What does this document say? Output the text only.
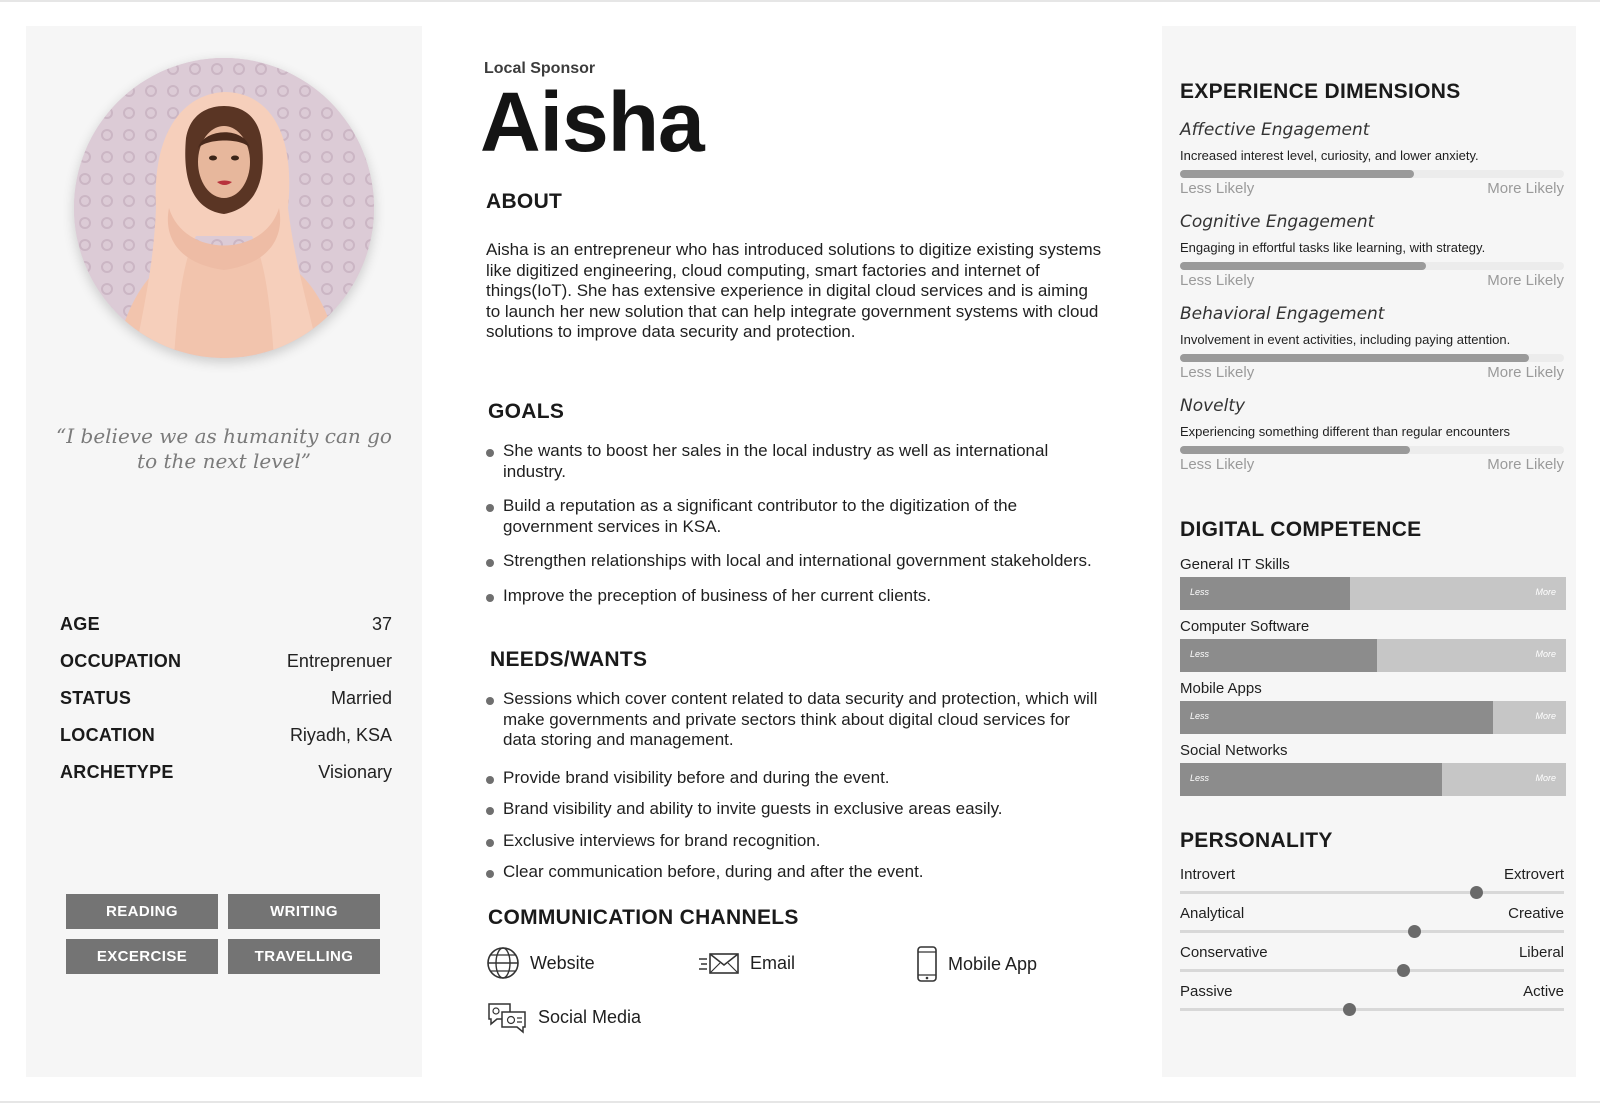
“I believe we as humanity can go to the next level”
AGE	37
OCCUPATION	Entreprenuer
STATUS	Married
LOCATION	Riyadh, KSA
ARCHETYPE	Visionary
READING	WRITING
EXCERCISE	TRAVELLING
Local Sponsor
Aisha
ABOUT

Aisha is an entrepreneur who has introduced solutions to digitize existing systems like digitized engineering, cloud computing, smart factories and internet of things(IoT). She has extensive experience in digital cloud services and is aiming to launch her new solution that can help integrate government systems with cloud solutions to improve data security and protection.

GOALS
She wants to boost her sales in the local industry as well as international industry.
Build a reputation as a significant contributor to the digitization of the government services in KSA.
Strengthen relationships with local and international government stakeholders.
Improve the preception of business of her current clients.
NEEDS/WANTS
Sessions which cover content related to data security and protection, which will make governments and private sectors think about digital cloud services for data storing and management.
Provide brand visibility before and during the event.
Brand visibility and ability to invite guests in exclusive areas easily.
Exclusive interviews for brand recognition.
Clear communication before, during and after the event.
COMMUNICATION CHANNELS
Website	Email	Mobile App
Social Media
EXPERIENCE DIMENSIONS
Affective Engagement
Increased interest level, curiosity, and lower anxiety.
Less Likely	More Likely
Cognitive Engagement
Engaging in effortful tasks like learning, with strategy.
Less Likely	More Likely
Behavioral Engagement
Involvement in event activities, including paying attention.
Less Likely	More Likely
Novelty
Experiencing something different than regular encounters
Less Likely	More Likely
DIGITAL COMPETENCE
General IT Skills
Less	More
Computer Software
Less	More
Mobile Apps
Less	More
Social Networks
Less	More
PERSONALITY
Introvert	Extrovert
Analytical	Creative
Conservative	Liberal
Passive	Active
